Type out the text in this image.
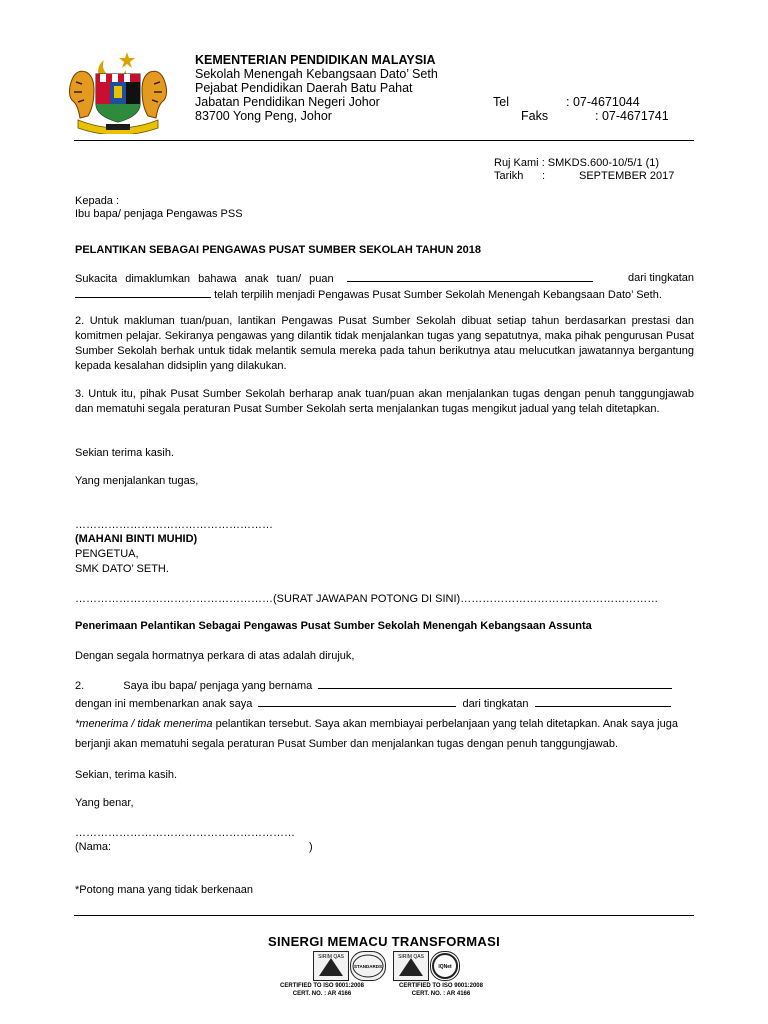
KEMENTERIAN PENDIDIKAN MALAYSIA
Sekolah Menengah Kebangsaan Dato’ Seth
Pejabat Pendidikan Daerah Batu Pahat
Jabatan Pendidikan Negeri Johor
83700 Yong Peng, Johor
Tel	: 07-4671044
Faks	: 07-4671741
Ruj Kami : SMKDS.600-10/5/1 (1)
Tarikh :	SEPTEMBER 2017
Kepada :
Ibu bapa/ penjaga Pengawas PSS
PELANTIKAN SEBAGAI PENGAWAS PUSAT SUMBER SEKOLAH TAHUN 2018
Sukacita dimaklumkan bahawa anak tuan/ puan	dari tingkatan
telah terpilih menjadi Pengawas Pusat Sumber Sekolah Menengah Kebangsaan Dato’ Seth.
2. Untuk makluman tuan/puan, lantikan Pengawas Pusat Sumber Sekolah dibuat setiap tahun berdasarkan prestasi dan komitmen pelajar. Sekiranya pengawas yang dilantik tidak menjalankan tugas yang sepatutnya, maka pihak pengurusan Pusat Sumber Sekolah berhak untuk tidak melantik semula mereka pada tahun berikutnya atau melucutkan jawatannya bergantung kepada kesalahan didsiplin yang dilakukan.
3. Untuk itu, pihak Pusat Sumber Sekolah berharap anak tuan/puan akan menjalankan tugas dengan penuh tanggungjawab dan mematuhi segala peraturan Pusat Sumber Sekolah serta menjalankan tugas mengikut jadual yang telah ditetapkan.
Sekian terima kasih.
Yang menjalankan tugas,
………………………………………………
(MAHANI BINTI MUHID)
PENGETUA,
SMK DATO’ SETH.
………………………………………………(SURAT JAWAPAN POTONG DI SINI)………………………………………………
Penerimaan Pelantikan Sebagai Pengawas Pusat Sumber Sekolah Menengah Kebangsaan Assunta
Dengan segala hormatnya perkara di atas adalah dirujuk,
2.	Saya ibu bapa/ penjaga yang bernama
dengan ini membenarkan anak saya	dari tingkatan
*menerima / tidak menerima pelantikan tersebut. Saya akan membiayai perbelanjaan yang telah ditetapkan. Anak saya juga berjanji akan mematuhi segala peraturan Pusat Sumber dan menjalankan tugas dengan penuh tanggungjawab.
Sekian, terima kasih.
Yang benar,
……………………………………………………
(Nama:	)
*Potong mana yang tidak berkenaan
SINERGI MEMACU TRANSFORMASI
SIRIM QAS
STANDARDS
SIRIM QAS
IQNet
CERTIFIED TO ISO 9001:2008
CERT. NO. : AR 4166
CERTIFIED TO ISO 9001:2008
CERT. NO. : AR 4166
